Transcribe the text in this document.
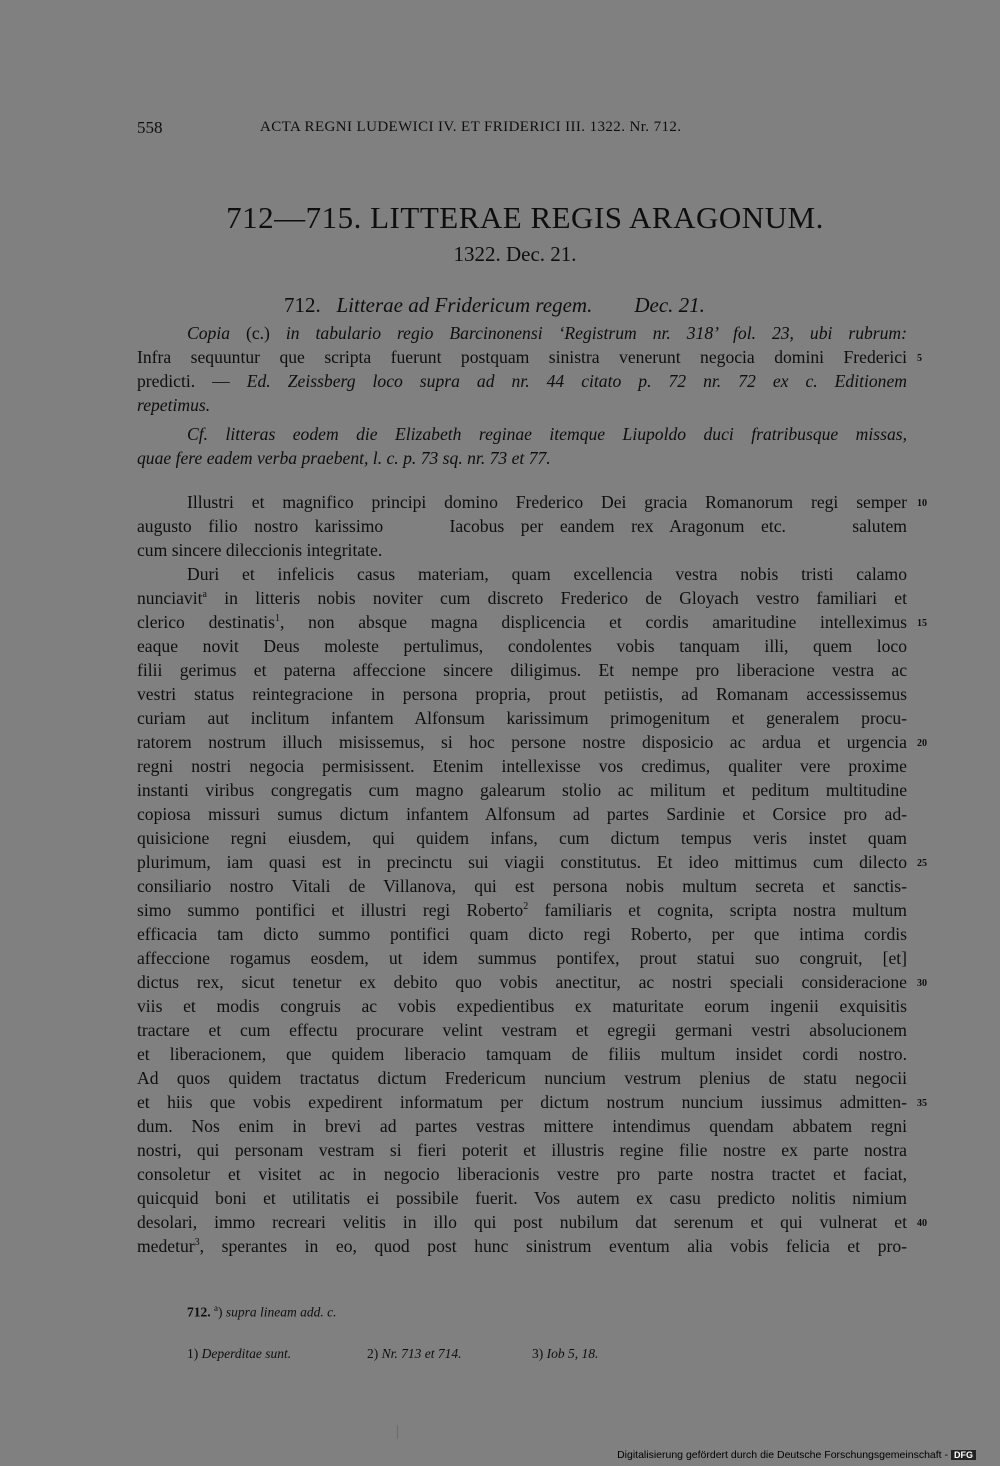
558	ACTA REGNI LUDEWICI IV. ET FRIDERICI III. 1322. Nr. 712.
712—715. LITTERAE REGIS ARAGONUM.
1322. Dec. 21.
712. Litterae ad Fridericum regem. Dec. 21.
Copia (c.) in tabulario regio Barcinonensi ‘Registrum nr. 318’ fol. 23, ubi rubrum:
Infra sequuntur que scripta fuerunt postquam sinistra venerunt negocia domini Frederici
predicti. — Ed. Zeissberg loco supra ad nr. 44 citato p. 72 nr. 72 ex c. Editionem
repetimus.
Cf. litteras eodem die Elizabeth reginae itemque Liupoldo duci fratribusque missas,
quae fere eadem verba praebent, l. c. p. 73 sq. nr. 73 et 77.
Illustri et magnifico principi domino Frederico Dei gracia Romanorum regi semper
augusto filio nostro karissimo    Iacobus per eandem rex Aragonum etc.    salutem
cum sincere dileccionis integritate.
Duri et infelicis casus materiam, quam excellencia vestra nobis tristi calamo
nunciavit$^a$ in litteris nobis noviter cum discreto Frederico de Gloyach vestro familiari et
clerico destinatis$^1$, non absque magna displicencia et cordis amaritudine intelleximus
eaque novit Deus moleste pertulimus, condolentes vobis tanquam illi, quem loco
filii gerimus et paterna affeccione sincere diligimus. Et nempe pro liberacione vestra ac
vestri status reintegracione in persona propria, prout petiistis, ad Romanam accessissemus
curiam aut inclitum infantem Alfonsum karissimum primogenitum et generalem procu-
ratorem nostrum illuch misissemus, si hoc persone nostre disposicio ac ardua et urgencia
regni nostri negocia permisissent. Etenim intellexisse vos credimus, qualiter vere proxime
instanti viribus congregatis cum magno galearum stolio ac militum et peditum multitudine
copiosa missuri sumus dictum infantem Alfonsum ad partes Sardinie et Corsice pro ad-
quisicione regni eiusdem, qui quidem infans, cum dictum tempus veris instet quam
plurimum, iam quasi est in precinctu sui viagii constitutus. Et ideo mittimus cum dilecto
consiliario nostro Vitali de Villanova, qui est persona nobis multum secreta et sanctis-
simo summo pontifici et illustri regi Roberto$^2$ familiaris et cognita, scripta nostra multum
efficacia tam dicto summo pontifici quam dicto regi Roberto, per que intima cordis
affeccione rogamus eosdem, ut idem summus pontifex, prout statui suo congruit, [et]
dictus rex, sicut tenetur ex debito quo vobis anectitur, ac nostri speciali consideracione
viis et modis congruis ac vobis expedientibus ex maturitate eorum ingenii exquisitis
tractare et cum effectu procurare velint vestram et egregii germani vestri absolucionem
et liberacionem, que quidem liberacio tamquam de filiis multum insidet cordi nostro.
Ad quos quidem tractatus dictum Fredericum nuncium vestrum plenius de statu negocii
et hiis que vobis expedirent informatum per dictum nostrum nuncium iussimus admitten-
dum. Nos enim in brevi ad partes vestras mittere intendimus quendam abbatem regni
nostri, qui personam vestram si fieri poterit et illustris regine filie nostre ex parte nostra
consoletur et visitet ac in negocio liberacionis vestre pro parte nostra tractet et faciat,
quicquid boni et utilitatis ei possibile fuerit. Vos autem ex casu predicto nolitis nimium
desolari, immo recreari velitis in illo qui post nubilum dat serenum et qui vulnerat et
medetur$^3$, sperantes in eo, quod post hunc sinistrum eventum alia vobis felicia et pro-
5
10
15
20
25
30
35
40
712. $^a$) supra lineam add. c.
1) Deperditae sunt.	2) Nr. 713 et 714.	3) Iob 5, 18.
Digitalisierung gefördert durch die Deutsche Forschungsgemeinschaft - DFG
